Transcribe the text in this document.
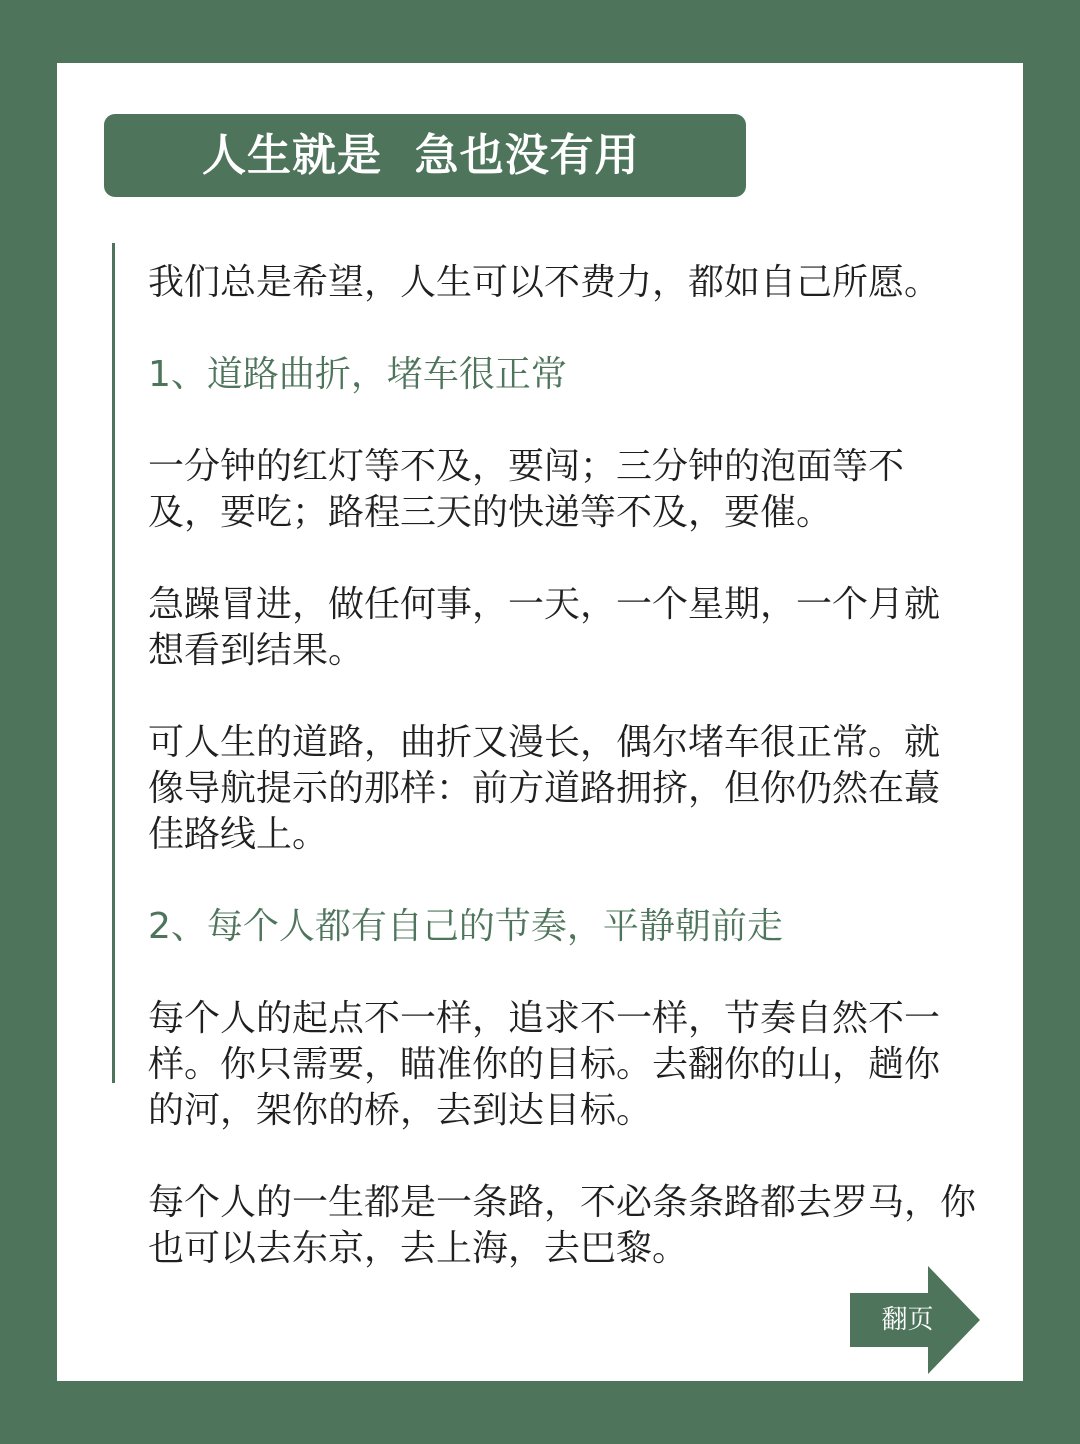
人生就是  急也没有用

我们总是希望，人生可以不费力，都如自己所愿。

1、道路曲折，堵车很正常

一分钟的红灯等不及，要闯；三分钟的泡面等不及，要吃；路程三天的快递等不及，要催。

急躁冒进，做任何事，一天，一个星期，一个月就想看到结果。

可人生的道路，曲折又漫长，偶尔堵车很正常。就像导航提示的那样：前方道路拥挤，但你仍然在蕞佳路线上。

2、每个人都有自己的节奏，平静朝前走

每个人的起点不一样，追求不一样，节奏自然不一样。你只需要，瞄准你的目标。去翻你的山，趟你的河，架你的桥，去到达目标。

每个人的一生都是一条路，不必条条路都去罗马，你也可以去东京，去上海，去巴黎。

翻页
